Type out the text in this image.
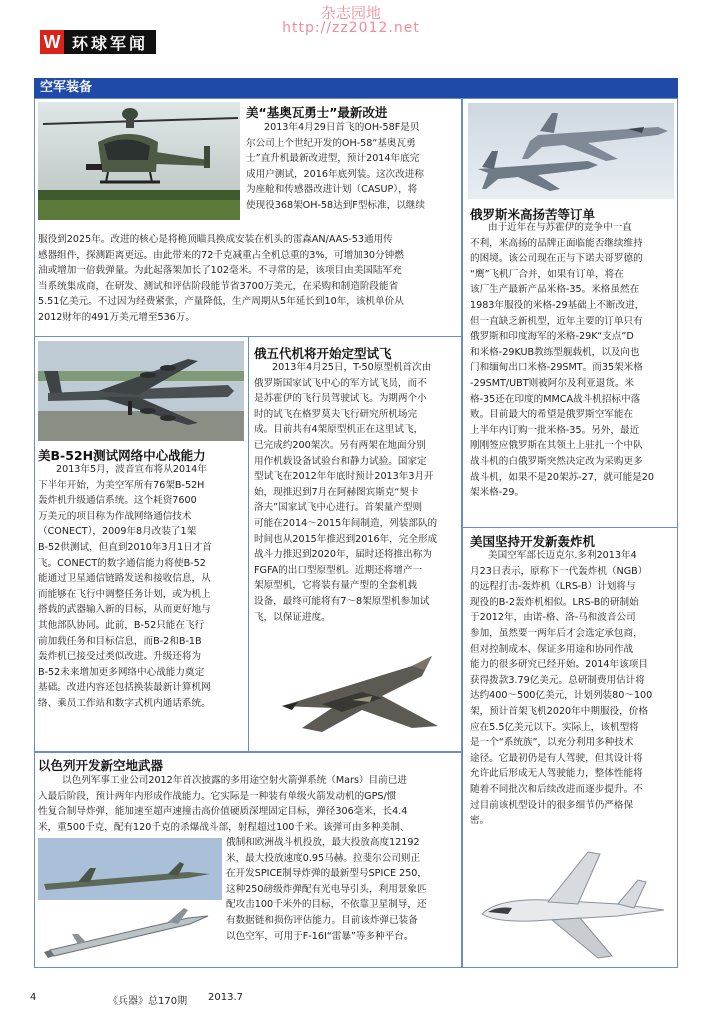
杂志园地
http://zz2012.net
W 环球军闻
空军装备
美“基奥瓦勇士”最新改进
2013年4月29日首飞的OH-58F是贝
尔公司上个世纪开发的OH-58“基奥瓦勇
士”直升机最新改进型，预计2014年底完
成用户测试，2016年底列装。这次改进称
为座舱和传感器改进计划（CASUP），将
使现役368架OH-58达到F型标准，以继续
服役到2025年。改进的核心是将桅顶瞄具换成安装在机头的雷森AN/AAS-53通用传
感器组件，探测距离更远。由此带来的72千克减重占全机总重的3%，可增加30分钟燃
油或增加一倍载弹量。为此起落架加长了102毫米。不寻常的是，该项目由美国陆军充
当系统集成商，在研发、测试和评估阶段能节省3700万美元，在采购和制造阶段能省
5.51亿美元。不过因为经费紧张，产量降低，生产周期从5年延长到10年，该机单价从
2012财年的491万美元增至536万。
美B-52H测试网络中心战能力
2013年5月，波音宣布将从2014年
下半年开始，为美空军所有76架B-52H
轰炸机升级通信系统。这个耗资7600
万美元的项目称为作战网络通信技术
（CONECT），2009年8月改装了1架
B-52供测试，但直到2010年3月1日才首
飞。CONECT的数字通信能力将使B-52
能通过卫星通信链路发送和接收信息，从
而能够在飞行中调整任务计划，或为机上
搭载的武器输入新的目标，从而更好地与
其他部队协同。此前，B-52只能在飞行
前加载任务和目标信息，而B-2和B-1B
轰炸机已接受过类似改进。升级还将为
B-52未来增加更多网络中心战能力奠定
基础。改进内容还包括换装最新计算机网
络、乘员工作站和数字式机内通话系统。
俄五代机将开始定型试飞
2013年4月25日，T-50原型机首次由
俄罗斯国家试飞中心的军方试飞员，而不
是苏霍伊的飞行员驾驶试飞。为期两个小
时的试飞在格罗莫夫飞行研究所机场完
成。目前共有4架原型机正在这里试飞，
已完成约200架次。另有两架在地面分别
用作机载设备试验台和静力试验。国家定
型试飞在2012年年底时预计2013年3月开
始，现推迟到7月在阿赫图宾斯克“契卡
洛夫”国家试飞中心进行。首架量产型则
可能在2014～2015年间制造，列装部队的
时间也从2015年推迟到2016年，完全形成
战斗力推迟到2020年，届时还将推出称为
FGFA的出口型原型机。近期还将增产一
架原型机，它将装有量产型的全套机载
设备，最终可能将有7～8架原型机参加试
飞，以保证进度。
俄罗斯米高扬苦等订单
由于近年在与苏霍伊的竞争中一直
不利，米高扬的品牌正面临能否继续维持
的困境。该公司现在正与下诺夫哥罗德的
“鹰”飞机厂合并，如果有订单，将在
该厂生产最新产品米格-35。米格虽然在
1983年服役的米格-29基础上不断改进，
但一直缺乏新机型，近年主要的订单只有
俄罗斯和印度海军的米格-29K“支点”D
和米格-29KUB教练型舰载机，以及向也
门和缅甸出口米格-29SMT。而35架米格
-29SMT/UBT则被阿尔及利亚退货。米
格-35还在印度的MMCA战斗机招标中落
败。目前最大的希望是俄罗斯空军能在
上半年内订购一批米格-35。另外，最近
刚刚签应俄罗斯在其领土上驻扎一个中队
战斗机的白俄罗斯突然决定改为采购更多
战斗机，如果不是20架苏-27，就可能是20
架米格-29。
美国坚持开发新轰炸机
美国空军部长迈克尔.多利2013年4
月23日表示，原称下一代轰炸机（NGB）
的远程打击-轰炸机（LRS-B）计划将与
现役的B-2轰炸机相似。LRS-B的研制始
于2012年，由诺-格、洛-马和波音公司
参加，虽然要一两年后才会选定承包商，
但对控制成本、保证多用途和协同作战
能力的很多研究已经开始。2014年该项目
获得拨款3.79亿美元。总研制费用估计将
达约400～500亿美元，计划列装80～100
架，预计首架飞机2020年中期服役，价格
应在5.5亿美元以下。实际上，该机型将
是一个“系统族”，以充分利用多种技术
途径。它最初仍是有人驾驶，但其设计将
允许此后形成无人驾驶能力，整体性能将
随着不同批次和后续改进而逐步提升。不
过目前该机型设计的很多细节仍严格保
密。
以色列开发新空地武器
以色列军事工业公司2012年首次披露的多用途空射火箭弹系统（Mars）目前已进
入最后阶段，预计两年内形成作战能力。它实际是一种装有单级火箭发动机的GPS/惯
性复合制导炸弹，能加速至超声速撞击高价值硬质深埋固定目标，弹径306毫米，长4.4
米，重500千克，配有120千克的杀爆战斗部，射程超过100千米。该弹可由多种美制、
俄制和欧洲战斗机投放，最大投放高度12192
米，最大投放速度0.95马赫。拉斐尔公司则正
在开发SPICE制导炸弹的最新型号SPICE 250，
这种250磅级炸弹配有光电导引头，利用景象匹
配攻击100千米外的目标，不依靠卫星制导，还
有数据链和损伤评估能力。目前该炸弹已装备
以色空军，可用于F-16I“雷暴”等多种平台。
4	《兵器》总170期 2013.7
